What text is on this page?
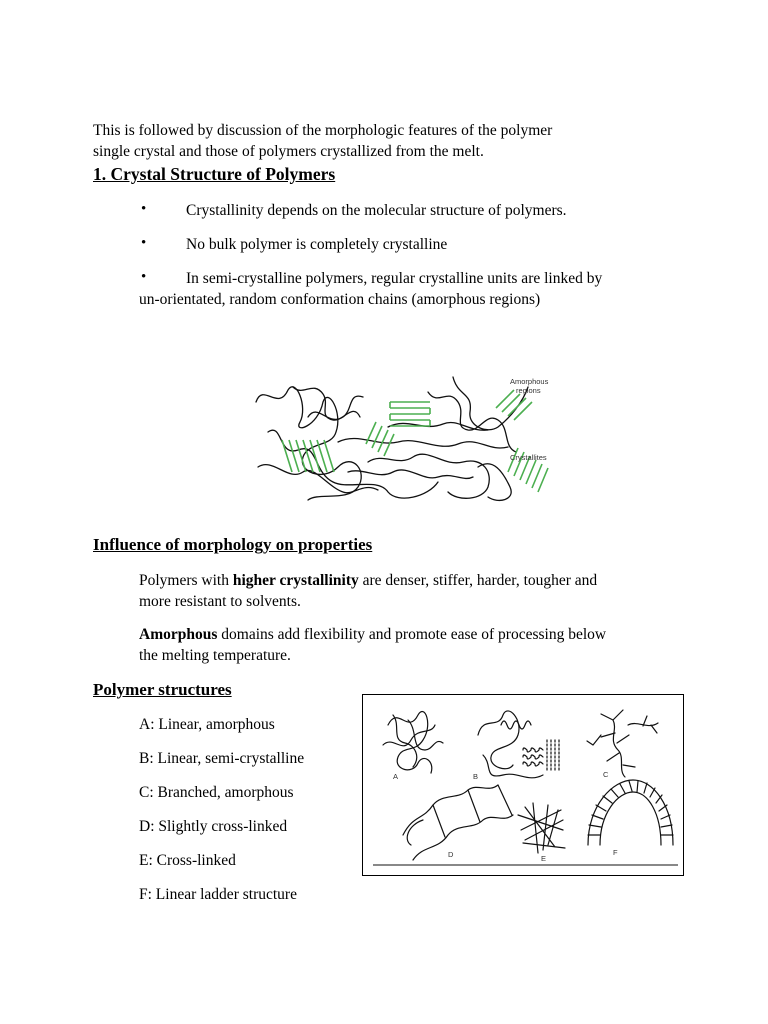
This is followed by discussion of the morphologic features of the polymer

single crystal and those of polymers crystallized from the melt.

1. Crystal Structure of Polymers
•	Crystallinity depends on the molecular structure of polymers.
•	No bulk polymer is completely crystalline
•	In semi-crystalline polymers, regular crystalline units are linked by
un-orientated, random conformation chains (amorphous regions)
Amorphous
regions
Crystallites
Influence of morphology on properties

Polymers with higher crystallinity are denser, stiffer, harder, tougher and

more resistant to solvents.

Amorphous domains add flexibility and promote ease of processing below

the melting temperature.

Polymer structures
A: Linear, amorphous
B: Linear, semi-crystalline
C: Branched, amorphous
D: Slightly cross-linked
E: Cross-linked
F: Linear ladder structure
A	B	C
D	E
F
